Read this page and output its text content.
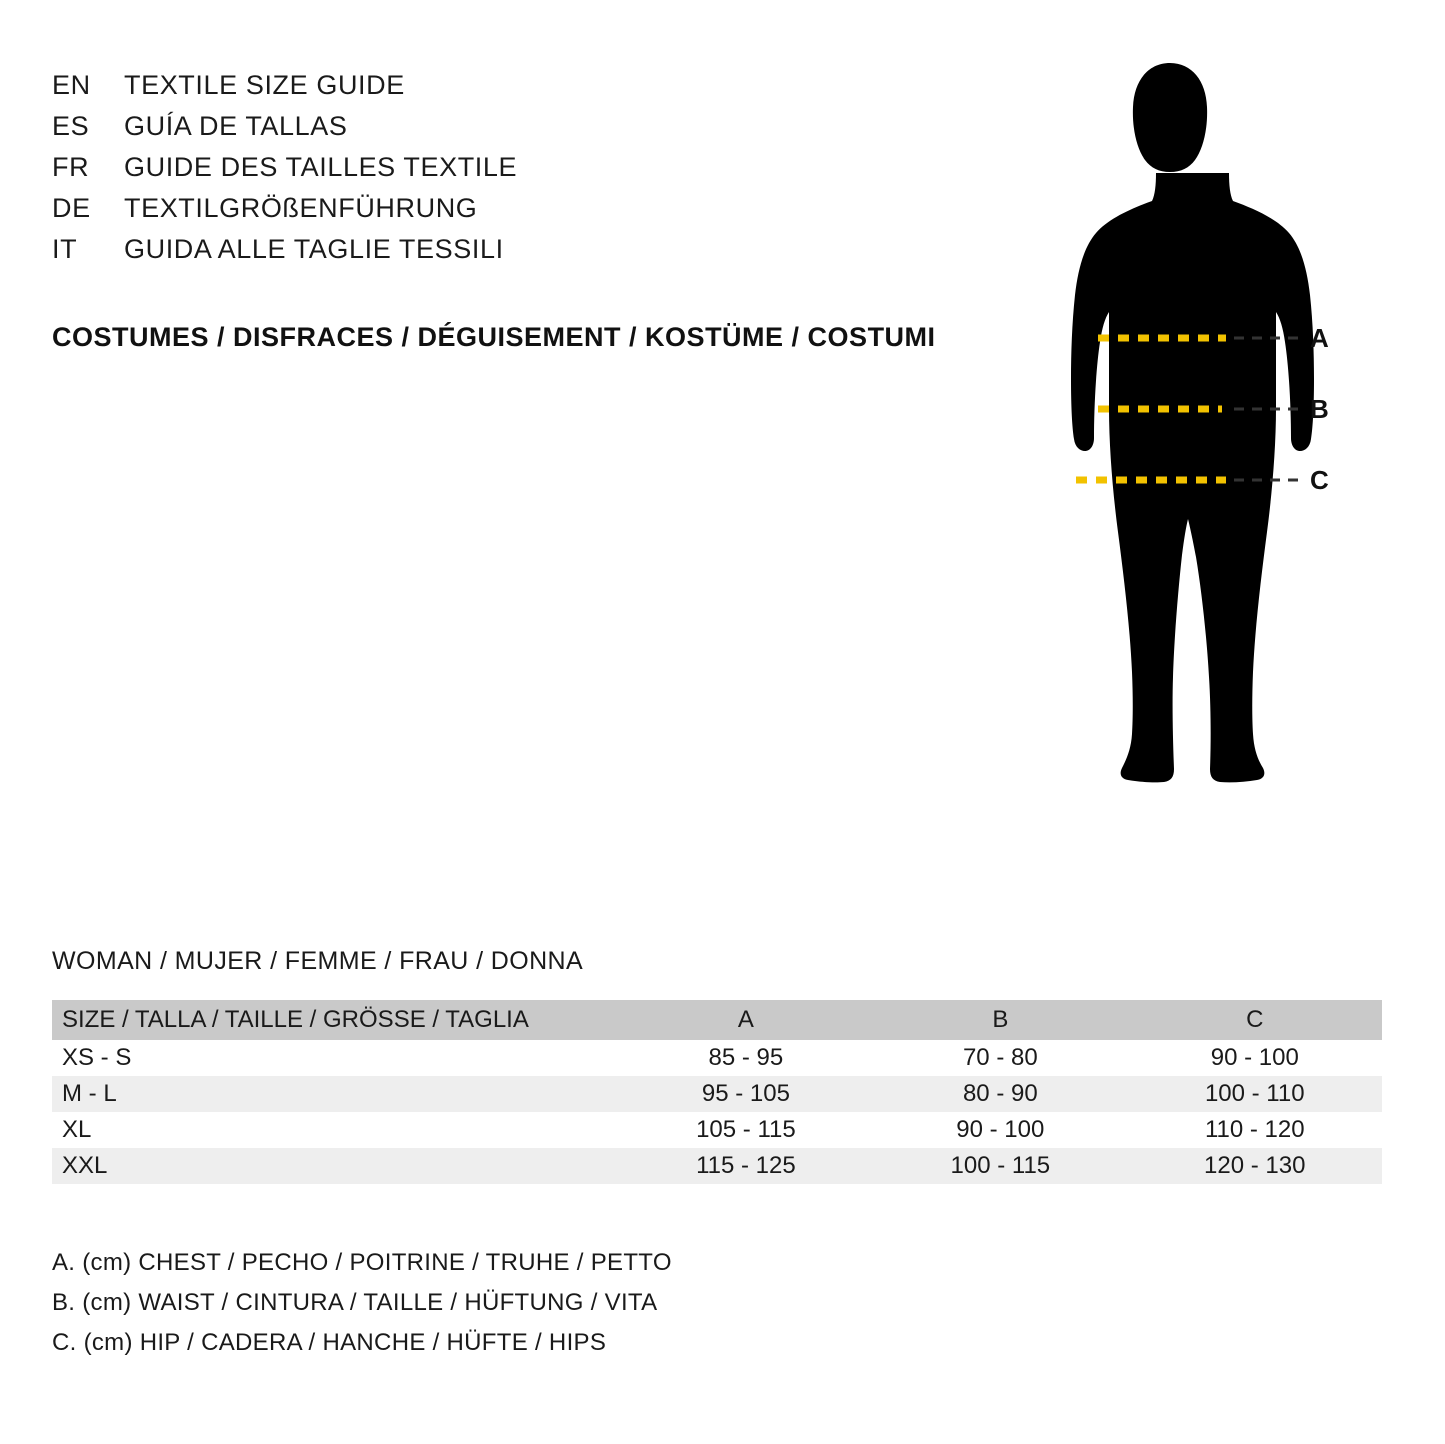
EN	TEXTILE SIZE GUIDE
ES	GUÍA DE TALLAS
FR	GUIDE DES TAILLES TEXTILE
DE	TEXTILGRÖßENFÜHRUNG
IT	GUIDA ALLE TAGLIE TESSILI
COSTUMES / DISFRACES / DÉGUISEMENT / KOSTÜME / COSTUMI	A
B
C
WOMAN / MUJER / FEMME / FRAU / DONNA
SIZE / TALLA / TAILLE / GRÖSSE / TAGLIA	A	B	C
XS - S	85 - 95	70 - 80	90 - 100
M - L	95 - 105	80 - 90	100 - 110
XL	105 - 115	90 - 100	110 - 120
XXL	115 - 125	100 - 115	120 - 130
A. (cm) CHEST / PECHO / POITRINE / TRUHE / PETTO
B. (cm) WAIST / CINTURA / TAILLE / HÜFTUNG / VITA
C. (cm) HIP / CADERA / HANCHE / HÜFTE / HIPS
